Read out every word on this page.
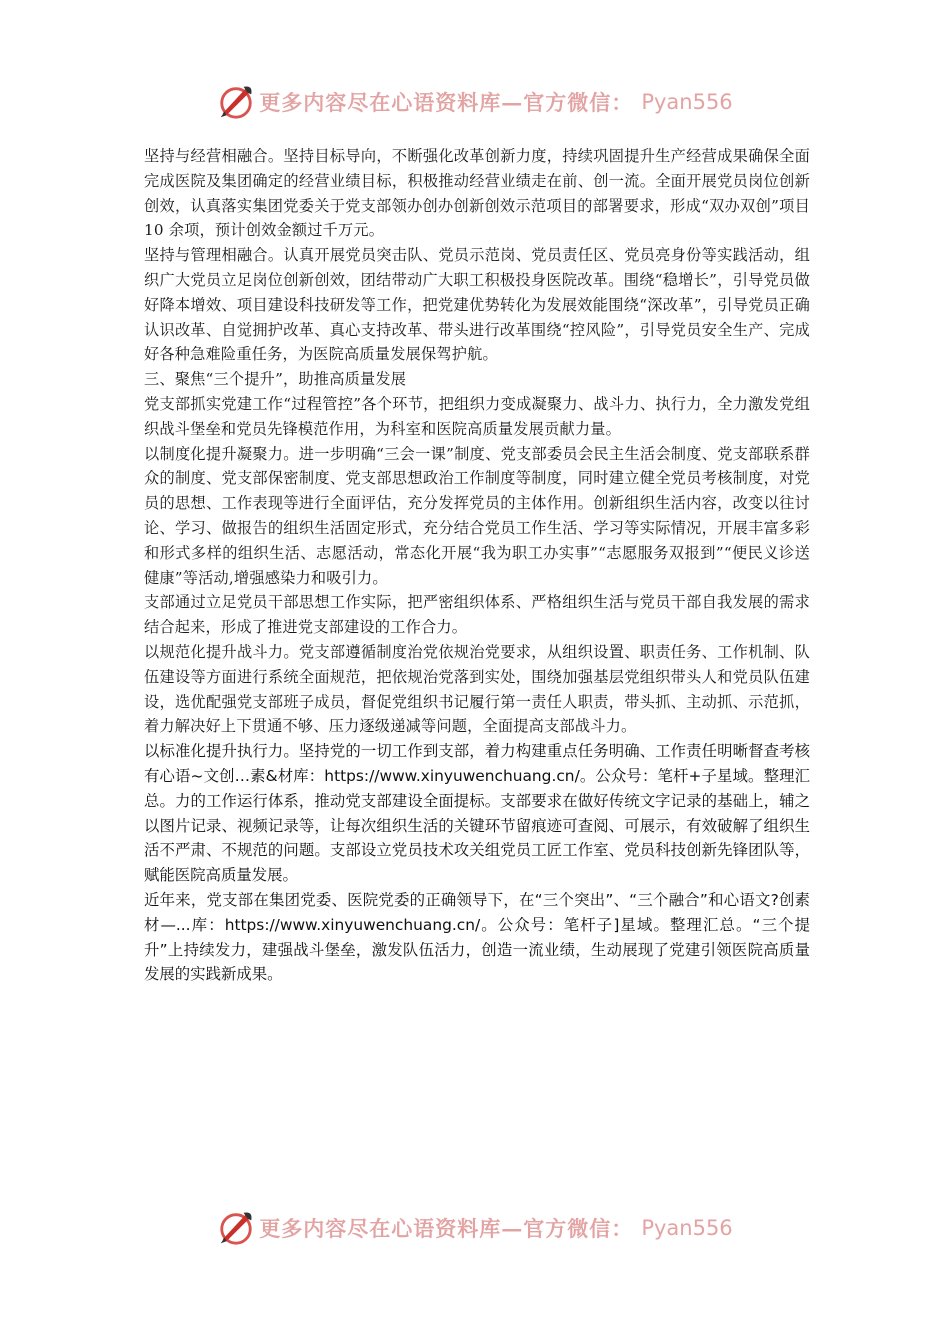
更多内容尽在心语资料库—官方微信： Pyan556

坚持与经营相融合。坚持目标导向，不断强化改革创新力度，持续巩固提升生产经营成果确保全面完成医院及集团确定的经营业绩目标，积极推动经营业绩走在前、创一流。全面开展党员岗位创新创效，认真落实集团党委关于党支部领办创办创新创效示范项目的部署要求，形成“双办双创”项目 10 余项，预计创效金额过千万元。

坚持与管理相融合。认真开展党员突击队、党员示范岗、党员责任区、党员亮身份等实践活动，组织广大党员立足岗位创新创效，团结带动广大职工积极投身医院改革。围绕“稳增长”，引导党员做好降本增效、项目建设科技研发等工作，把党建优势转化为发展效能围绕“深改革”，引导党员正确认识改革、自觉拥护改革、真心支持改革、带头进行改革围绕“控风险”，引导党员安全生产、完成好各种急难险重任务，为医院高质量发展保驾护航。

三、聚焦“三个提升”，助推高质量发展

党支部抓实党建工作“过程管控”各个环节，把组织力变成凝聚力、战斗力、执行力，全力激发党组织战斗堡垒和党员先锋模范作用，为科室和医院高质量发展贡献力量。

以制度化提升凝聚力。进一步明确“三会一课”制度、党支部委员会民主生活会制度、党支部联系群众的制度、党支部保密制度、党支部思想政治工作制度等制度，同时建立健全党员考核制度，对党员的思想、工作表现等进行全面评估，充分发挥党员的主体作用。创新组织生活内容，改变以往讨论、学习、做报告的组织生活固定形式，充分结合党员工作生活、学习等实际情况，开展丰富多彩和形式多样的组织生活、志愿活动，常态化开展“我为职工办实事”“志愿服务双报到”“便民义诊送健康”等活动,增强感染力和吸引力。

支部通过立足党员干部思想工作实际，把严密组织体系、严格组织生活与党员干部自我发展的需求结合起来，形成了推进党支部建设的工作合力。

以规范化提升战斗力。党支部遵循制度治党依规治党要求，从组织设置、职责任务、工作机制、队伍建设等方面进行系统全面规范，把依规治党落到实处，围绕加强基层党组织带头人和党员队伍建设，选优配强党支部班子成员，督促党组织书记履行第一责任人职责，带头抓、主动抓、示范抓，着力解决好上下贯通不够、压力逐级递减等问题，全面提高支部战斗力。

以标准化提升执行力。坚持党的一切工作到支部，着力构建重点任务明确、工作责任明晰督查考核有心语~文创…素&材库：https://www.xinyuwenchuang.cn/。公众号：笔杆+子星域。整理汇总。力的工作运行体系，推动党支部建设全面提标。支部要求在做好传统文字记录的基础上，辅之以图片记录、视频记录等，让每次组织生活的关键环节留痕迹可查阅、可展示，有效破解了组织生活不严肃、不规范的问题。支部设立党员技术攻关组党员工匠工作室、党员科技创新先锋团队等，赋能医院高质量发展。

近年来，党支部在集团党委、医院党委的正确领导下，在“三个突出”、“三个融合”和心语文?创素材—...库：https://www.xinyuwenchuang.cn/。公众号：笔杆子]星域。整理汇总。“三个提升”上持续发力，建强战斗堡垒，激发队伍活力，创造一流业绩，生动展现了党建引领医院高质量发展的实践新成果。

更多内容尽在心语资料库—官方微信： Pyan556
